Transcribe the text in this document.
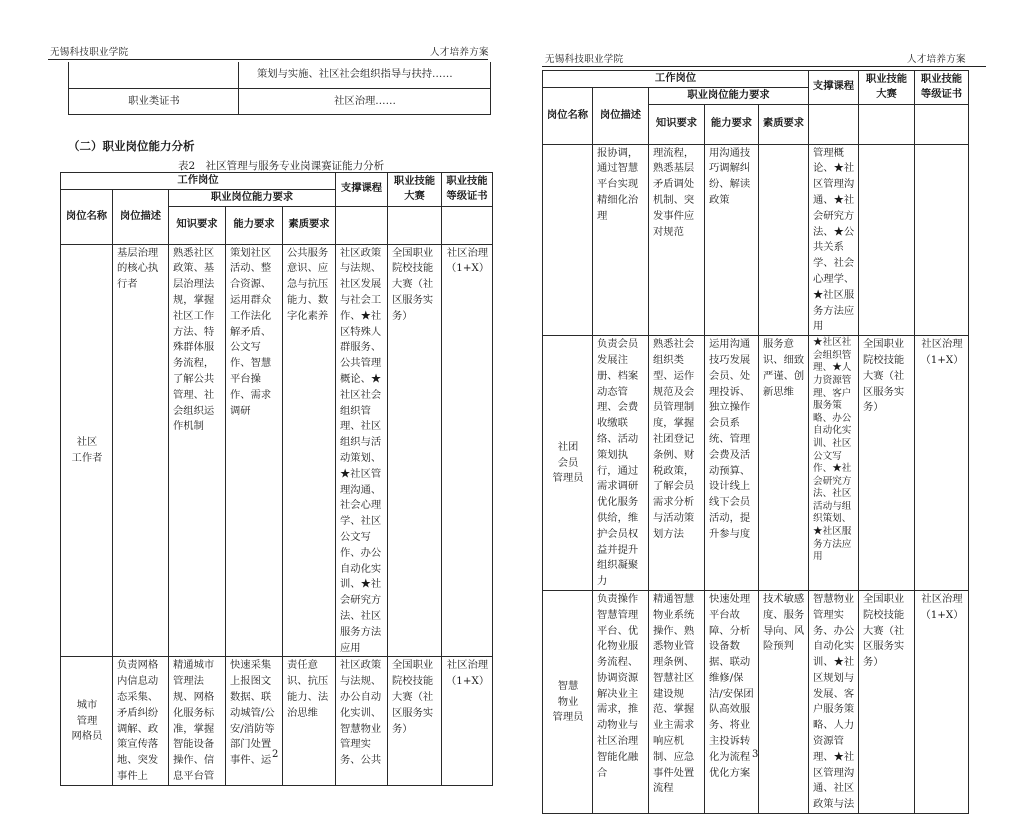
无锡科技职业学院	人才培养方案
	策划与实施、社区社会组织指导与扶持……
职业类证书	社区治理……
（二）职业岗位能力分析
表2　社区管理与服务专业岗课赛证能力分析
工作岗位					支撑课程	职业技能大赛	职业技能等级证书
岗位名称	岗位描述	职业岗位能力要求					
		知识要求	能力要求	素质要求			
社区
工作者	基层治理的核心执行者	熟悉社区政策、基层治理法规，掌握社区工作方法、特殊群体服务流程，了解公共管理、社会组织运作机制	策划社区活动、整合资源、运用群众工作法化解矛盾、公文写作、智慧平台操作、需求调研	公共服务意识、应急与抗压能力、数字化素养	社区政策与法规、社区发展与社会工作、★社区特殊人群服务、公共管理概论、★社区社会组织管理、社区组织与活动策划、★社区管理沟通、社会心理学、社区公文写作、办公自动化实训、★社会研究方法、社区服务方法应用	全国职业院校技能大赛（社区服务实务）	社区治理
（1+X）
城市
管理
网格员	负责网格内信息动态采集、矛盾纠纷调解、政策宣传落地、突发事件上	精通城市管理法规、网格化服务标准，掌握智能设备操作、信息平台管	快速采集上报图文数据、联动城管/公安/消防等部门处置事件、运	责任意识、抗压能力、法治思维	社区政策与法规、办公自动化实训、智慧物业管理实务、公共	全国职业院校技能大赛（社区服务实务）	社区治理
（1+X）
2
无锡科技职业学院	人才培养方案
工作岗位					支撑课程	职业技能大赛	职业技能等级证书
岗位名称	岗位描述	职业岗位能力要求					
		知识要求	能力要求	素质要求			
	报协调，通过智慧平台实现精细化治理	理流程，熟悉基层矛盾调处机制、突发事件应对规范	用沟通技巧调解纠纷、解读政策		管理概论、★社区管理沟通、★社会研究方法、★公共关系学、社会心理学、★社区服务方法应用		
社团
会员
管理员	负责会员发展注册、档案动态管理、会费收缴联络、活动策划执行，通过需求调研优化服务供给，维护会员权益并提升组织凝聚力	熟悉社会组织类型、运作规范及会员管理制度，掌握社团登记条例、财税政策，了解会员需求分析与活动策划方法	运用沟通技巧发展会员、处理投诉、独立操作会员系统、管理会费及活动预算、设计线上线下会员活动，提升参与度	服务意识、细致严谨、创新思维	★社区社会组织管理、★人力资源管理、客户服务策略、办公自动化实训、社区公文写作、★社会研究方法、社区活动与组织策划、★社区服务方法应用	全国职业院校技能大赛（社区服务实务）	社区治理
（1+X）
智慧
物业
管理员	负责操作智慧管理平台、优化物业服务流程、协调资源解决业主需求，推动物业与社区治理智能化融合	精通智慧物业系统操作、熟悉物业管理条例、智慧社区建设规范、掌握业主需求响应机制、应急事件处置流程	快速处理平台故障、分析设备数据、联动维修/保洁/安保团队高效服务、将业主投诉转化为流程优化方案	技术敏感度、服务导向、风险预判	智慧物业管理实务、办公自动化实训、★社区规划与发展、客户服务策略、人力资源管理、★社区管理沟通、社区政策与法	全国职业院校技能大赛（社区服务实务）	社区治理
（1+X）
3
